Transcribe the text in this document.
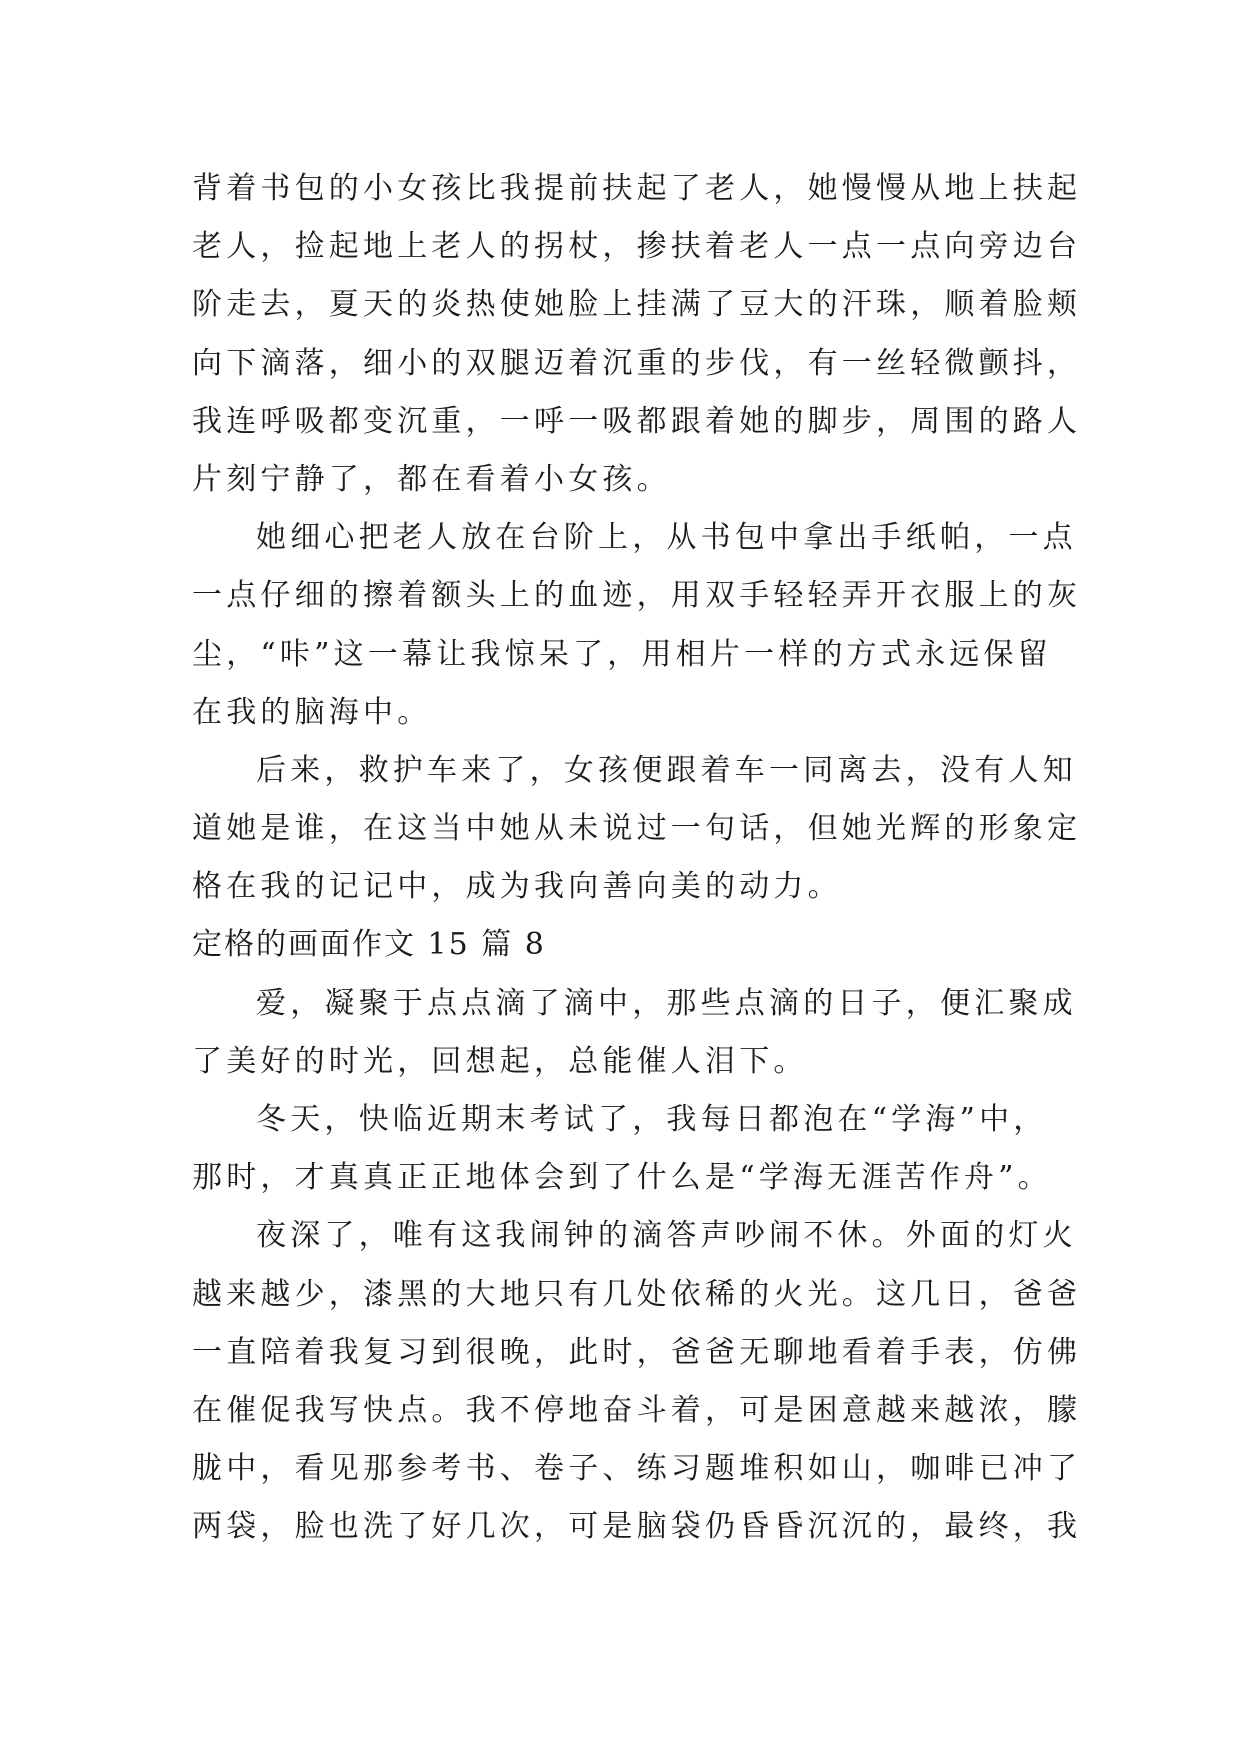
背着书包的小女孩比我提前扶起了老人，她慢慢从地上扶起
老人，捡起地上老人的拐杖，掺扶着老人一点一点向旁边台
阶走去，夏天的炎热使她脸上挂满了豆大的汗珠，顺着脸颊
向下滴落，细小的双腿迈着沉重的步伐，有一丝轻微颤抖，
我连呼吸都变沉重，一呼一吸都跟着她的脚步，周围的路人
片刻宁静了，都在看着小女孩。
她细心把老人放在台阶上，从书包中拿出手纸帕，一点
一点仔细的擦着额头上的血迹，用双手轻轻弄开衣服上的灰
尘，“咔”这一幕让我惊呆了，用相片一样的方式永远保留
在我的脑海中。
后来，救护车来了，女孩便跟着车一同离去，没有人知
道她是谁，在这当中她从未说过一句话，但她光辉的形象定
格在我的记记中，成为我向善向美的动力。
定格的画面作文 15 篇 8
爱，凝聚于点点滴了滴中，那些点滴的日子，便汇聚成
了美好的时光，回想起，总能催人泪下。
冬天，快临近期末考试了，我每日都泡在“学海”中，
那时，才真真正正地体会到了什么是“学海无涯苦作舟”。
夜深了，唯有这我闹钟的滴答声吵闹不休。外面的灯火
越来越少，漆黑的大地只有几处依稀的火光。这几日，爸爸
一直陪着我复习到很晚，此时，爸爸无聊地看着手表，仿佛
在催促我写快点。我不停地奋斗着，可是困意越来越浓，朦
胧中，看见那参考书、卷子、练习题堆积如山，咖啡已冲了
两袋，脸也洗了好几次，可是脑袋仍昏昏沉沉的，最终，我
